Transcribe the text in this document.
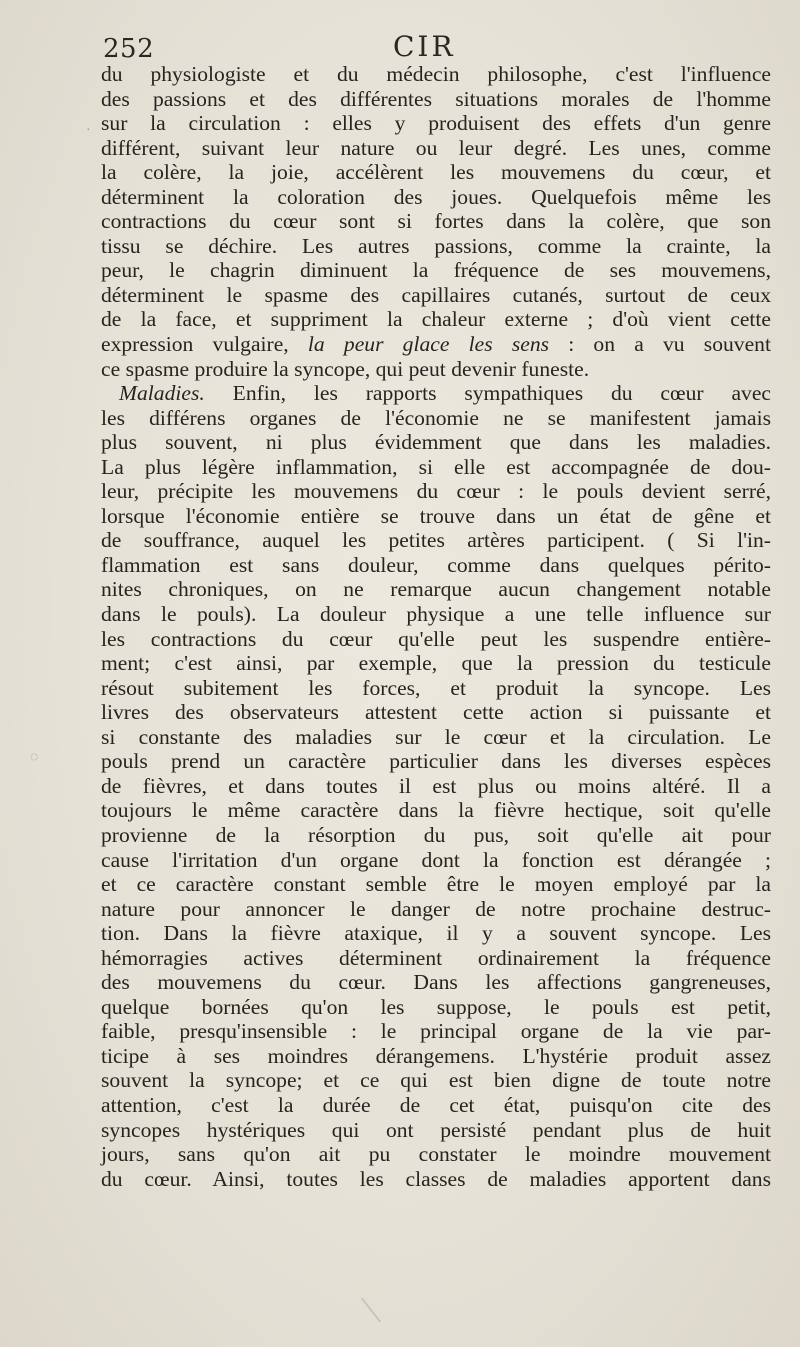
252	CIR
·
◌
du physiologiste et du médecin philosophe, c'est l'influence
des passions et des différentes situations morales de l'homme
sur la circulation : elles y produisent des effets d'un genre
différent, suivant leur nature ou leur degré. Les unes, comme
la colère, la joie, accélèrent les mouvemens du cœur, et
déterminent la coloration des joues. Quelquefois même les
contractions du cœur sont si fortes dans la colère, que son
tissu se déchire. Les autres passions, comme la crainte, la
peur, le chagrin diminuent la fréquence de ses mouvemens,
déterminent le spasme des capillaires cutanés, surtout de ceux
de la face, et suppriment la chaleur externe ; d'où vient cette
expression vulgaire, la peur glace les sens : on a vu souvent
ce spasme produire la syncope, qui peut devenir funeste.
Maladies. Enfin, les rapports sympathiques du cœur avec
les différens organes de l'économie ne se manifestent jamais
plus souvent, ni plus évidemment que dans les maladies.
La plus légère inflammation, si elle est accompagnée de dou-
leur, précipite les mouvemens du cœur : le pouls devient serré,
lorsque l'économie entière se trouve dans un état de gêne et
de souffrance, auquel les petites artères participent. ( Si l'in-
flammation est sans douleur, comme dans quelques périto-
nites chroniques, on ne remarque aucun changement notable
dans le pouls). La douleur physique a une telle influence sur
les contractions du cœur qu'elle peut les suspendre entière-
ment; c'est ainsi, par exemple, que la pression du testicule
résout subitement les forces, et produit la syncope. Les
livres des observateurs attestent cette action si puissante et
si constante des maladies sur le cœur et la circulation. Le
pouls prend un caractère particulier dans les diverses espèces
de fièvres, et dans toutes il est plus ou moins altéré. Il a
toujours le même caractère dans la fièvre hectique, soit qu'elle
provienne de la résorption du pus, soit qu'elle ait pour
cause l'irritation d'un organe dont la fonction est dérangée ;
et ce caractère constant semble être le moyen employé par la
nature pour annoncer le danger de notre prochaine destruc-
tion. Dans la fièvre ataxique, il y a souvent syncope. Les
hémorragies actives déterminent ordinairement la fréquence
des mouvemens du cœur. Dans les affections gangreneuses,
quelque bornées qu'on les suppose, le pouls est petit,
faible, presqu'insensible : le principal organe de la vie par-
ticipe à ses moindres dérangemens. L'hystérie produit assez
souvent la syncope; et ce qui est bien digne de toute notre
attention, c'est la durée de cet état, puisqu'on cite des
syncopes hystériques qui ont persisté pendant plus de huit
jours, sans qu'on ait pu constater le moindre mouvement
du cœur. Ainsi, toutes les classes de maladies apportent dans
